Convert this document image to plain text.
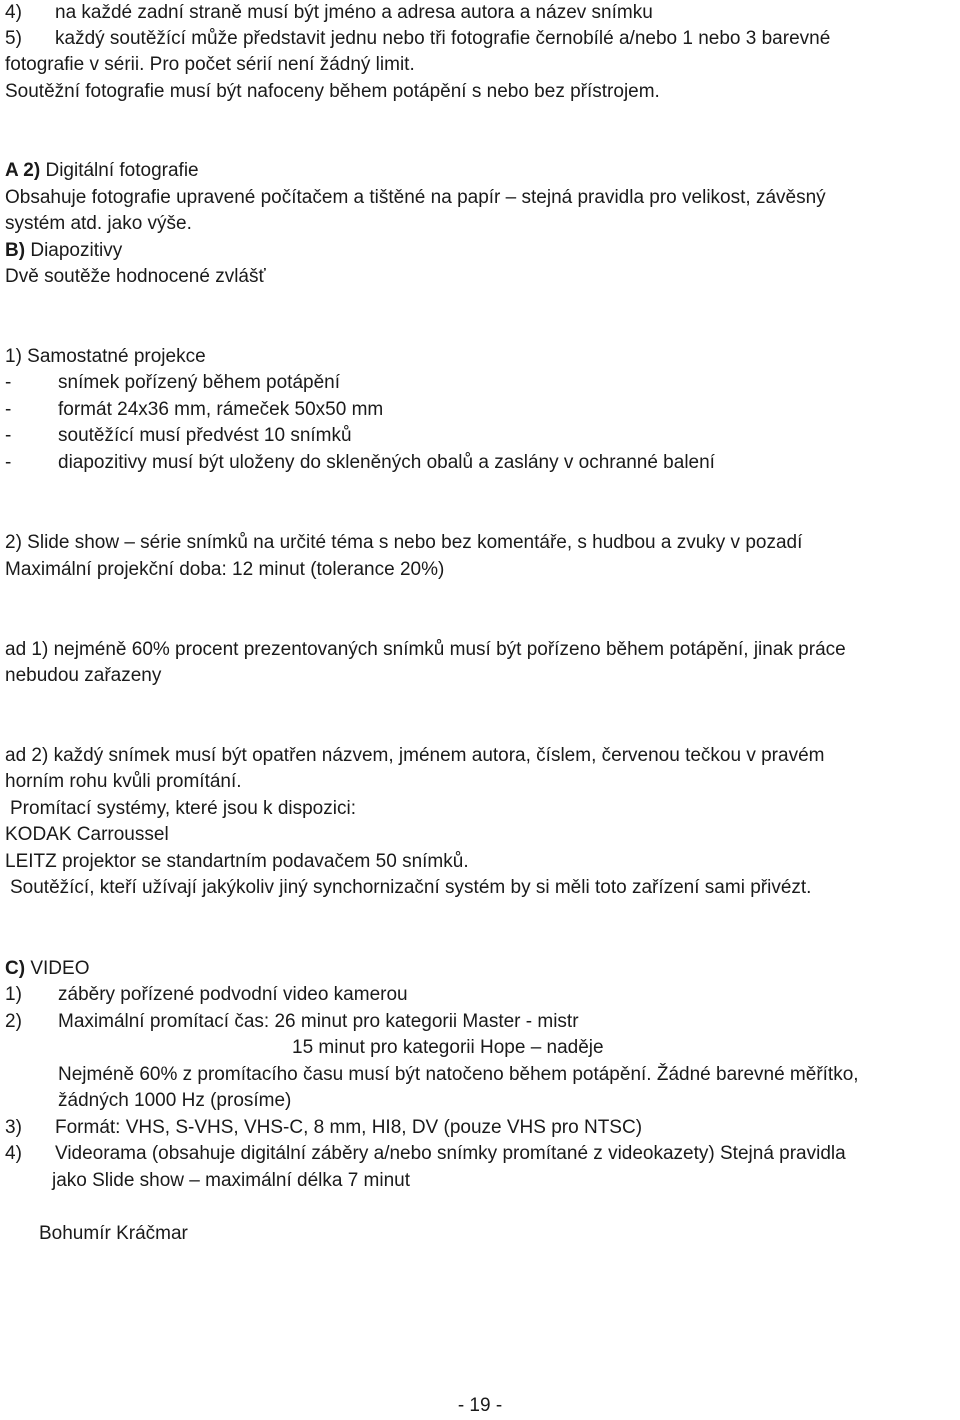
4) na každé zadní straně musí být jméno a adresa autora a název snímku
5) každý soutěžící může představit jednu nebo tři fotografie černobílé a/nebo 1 nebo 3 barevné
fotografie v sérii. Pro počet sérií není žádný limit.
Soutěžní fotografie musí být nafoceny během potápění s nebo bez přístrojem.
A 2) Digitální fotografie
Obsahuje fotografie upravené počítačem a tištěné na papír – stejná pravidla pro velikost, závěsný
systém atd. jako výše.
B) Diapozitivy
Dvě soutěže hodnocené zvlášť
1) Samostatné projekce
- snímek pořízený během potápění
- formát 24x36 mm, rámeček 50x50 mm
- soutěžící musí předvést 10 snímků
- diapozitivy musí být uloženy do skleněných obalů a zaslány v ochranné balení
2) Slide show – série snímků na určité téma s nebo bez komentáře, s hudbou a zvuky v pozadí
Maximální projekční doba: 12 minut (tolerance 20%)
ad 1) nejméně 60% procent prezentovaných snímků musí být pořízeno během potápění, jinak práce
nebudou zařazeny
ad 2) každý snímek musí být opatřen názvem, jménem autora, číslem, červenou tečkou v pravém
horním rohu kvůli promítání.
Promítací systémy, které jsou k dispozici:
KODAK Carroussel
LEITZ projektor se standartním podavačem 50 snímků.
Soutěžící, kteří užívají jakýkoliv jiný synchornizační systém by si měli toto zařízení sami přivézt.
C) VIDEO
1) záběry pořízené podvodní video kamerou
2) Maximální promítací čas: 26 minut pro kategorii Master - mistr
15 minut pro kategorii Hope – naděje
Nejméně 60% z promítacího času musí být natočeno během potápění. Žádné barevné měřítko,
žádných 1000 Hz (prosíme)
3) Formát: VHS, S-VHS, VHS-C, 8 mm, HI8, DV (pouze VHS pro NTSC)
4) Videorama (obsahuje digitální záběry a/nebo snímky promítané z videokazety) Stejná pravidla
jako Slide show – maximální délka 7 minut
Bohumír Kráčmar
- 19 -
